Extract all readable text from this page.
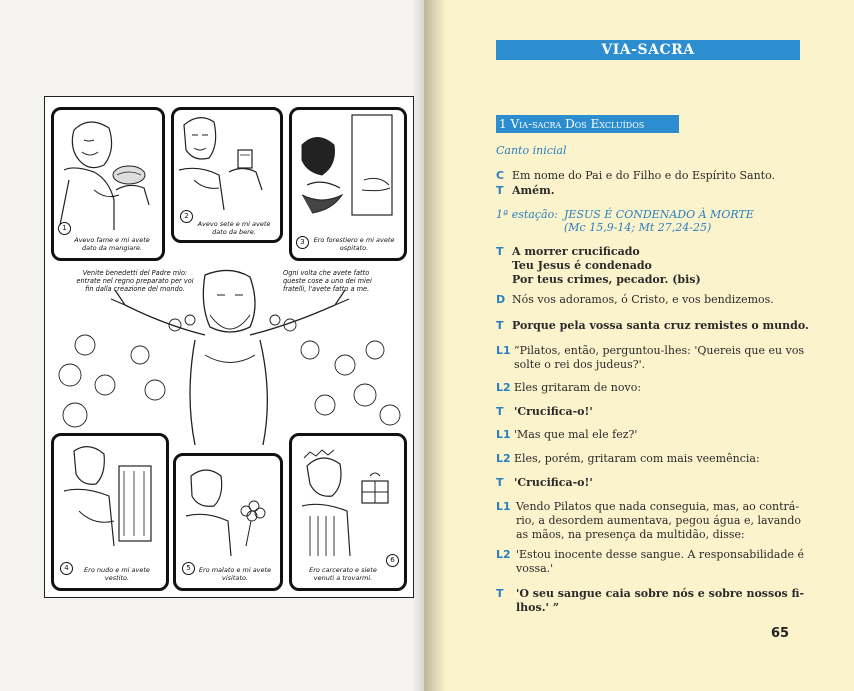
1
Avevo fame e mi avete dato da mangiare.
2
Avevo sete e mi avete dato da bere.
3	Ero forestiero e mi avete ospitato.
Venite benedetti del Padre mio: entrate nel regno preparato per voi fin dalla creazione del mondo.
Ogni volta che avete fatto queste cose a uno dei miei fratelli, l'avete fatto a me.
4	Ero nudo e mi avete vestito.
5	Ero malato e mi avete visitato.
6
Ero carcerato e siete venuti a trovarmi.
VIA-SACRA
1 Via-sacra Dos Excluídos
Canto inicial
C Em nome do Pai e do Filho e do Espírito Santo.
T Amém.
1ª estação: JESUS É CONDENADO À MORTE
(Mc 15,9-14; Mt 27,24-25)
T A morrer crucificado
Teu Jesus é condenado
Por teus crimes, pecador. (bis)
D Nós vos adoramos, ó Cristo, e vos bendizemos.
T Porque pela vossa santa cruz remistes o mundo.
L1 “Pilatos, então, perguntou-lhes: 'Quereis que eu vos
solte o rei dos judeus?'.
L2 Eles gritaram de novo:
T 'Crucifica-o!'
L1 'Mas que mal ele fez?'
L2 Eles, porém, gritaram com mais veemência:
T 'Crucifica-o!'
L1 Vendo Pilatos que nada conseguia, mas, ao contrá-
rio, a desordem aumentava, pegou água e, lavando
as mãos, na presença da multidão, disse:
L2 'Estou inocente desse sangue. A responsabilidade é
vossa.'
T 'O seu sangue caia sobre nós e sobre nossos fi-
lhos.' ”
65
